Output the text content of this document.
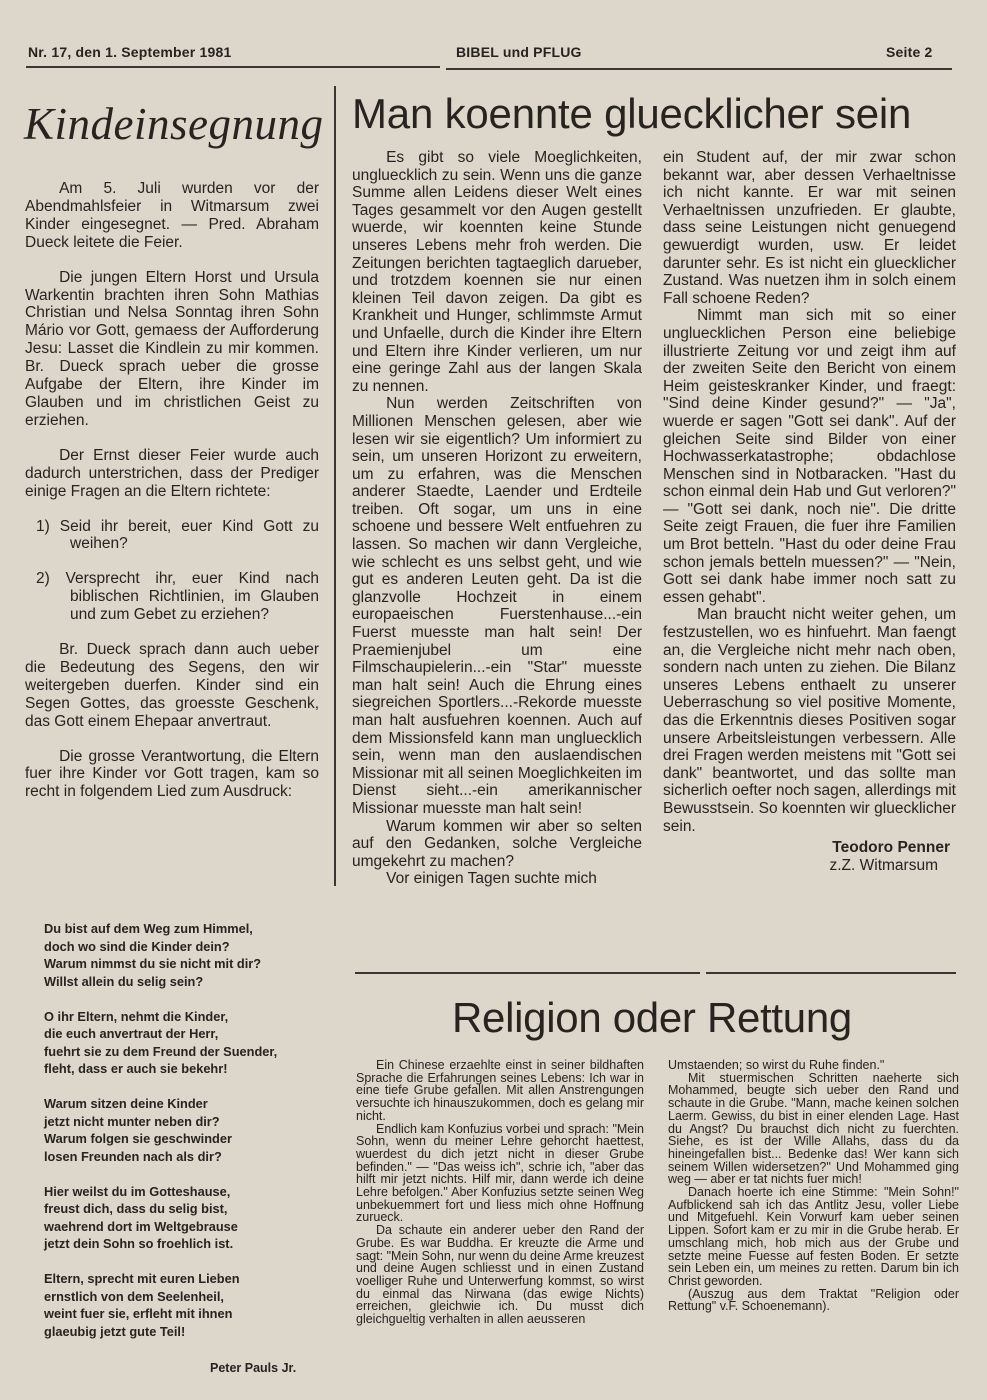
Nr. 17, den 1. September 1981	BIBEL und PFLUG	Seite 2
Kindeinsegnung

Am 5. Juli wurden vor der Abendmahlsfeier in Witmarsum zwei Kinder eingesegnet. — Pred. Abraham Dueck leitete die Feier.

Die jungen Eltern Horst und Ursula Warkentin brachten ihren Sohn Mathias Christian und Nelsa Sonntag ihren Sohn Mário vor Gott, gemaess der Aufforderung Jesu: Lasset die Kindlein zu mir kommen. Br. Dueck sprach ueber die grosse Aufgabe der Eltern, ihre Kinder im Glauben und im christlichen Geist zu erziehen.

Der Ernst dieser Feier wurde auch dadurch unterstrichen, dass der Prediger einige Fragen an die Eltern richtete:

1) Seid ihr bereit, euer Kind Gott zu weihen?
2) Versprecht ihr, euer Kind nach biblischen Richtlinien, im Glauben und zum Gebet zu erziehen?

Br. Dueck sprach dann auch ueber die Bedeutung des Segens, den wir weitergeben duerfen. Kinder sind ein Segen Gottes, das groesste Geschenk, das Gott einem Ehepaar anvertraut.

Die grosse Verantwortung, die Eltern fuer ihre Kinder vor Gott tragen, kam so recht in folgendem Lied zum Ausdruck:

Du bist auf dem Weg zum Himmel,
doch wo sind die Kinder dein?
Warum nimmst du sie nicht mit dir?
Willst allein du selig sein?
O ihr Eltern, nehmt die Kinder,
die euch anvertraut der Herr,
fuehrt sie zu dem Freund der Suender,
fleht, dass er auch sie bekehr!
Warum sitzen deine Kinder
jetzt nicht munter neben dir?
Warum folgen sie geschwinder
losen Freunden nach als dir?
Hier weilst du im Gotteshause,
freust dich, dass du selig bist,
waehrend dort im Weltgebrause
jetzt dein Sohn so froehlich ist.
Eltern, sprecht mit euren Lieben
ernstlich von dem Seelenheil,
weint fuer sie, erfleht mit ihnen
glaeubig jetzt gute Teil!
Peter Pauls Jr.
Man koennte gluecklicher sein

Es gibt so viele Moeglichkeiten, ungluecklich zu sein. Wenn uns die ganze Summe allen Leidens dieser Welt eines Tages gesammelt vor den Augen gestellt wuerde, wir koennten keine Stunde unseres Lebens mehr froh werden. Die Zeitungen berichten tagtaeglich darueber, und trotzdem koennen sie nur einen kleinen Teil davon zeigen. Da gibt es Krankheit und Hunger, schlimmste Armut und Unfaelle, durch die Kinder ihre Eltern und Eltern ihre Kinder verlieren, um nur eine geringe Zahl aus der langen Skala zu nennen.

Nun werden Zeitschriften von Millionen Menschen gelesen, aber wie lesen wir sie eigentlich? Um informiert zu sein, um unseren Horizont zu erweitern, um zu erfahren, was die Menschen anderer Staedte, Laender und Erdteile treiben. Oft sogar, um uns in eine schoene und bessere Welt entfuehren zu lassen. So machen wir dann Vergleiche, wie schlecht es uns selbst geht, und wie gut es anderen Leuten geht. Da ist die glanzvolle Hochzeit in einem europaeischen Fuerstenhause...-ein Fuerst muesste man halt sein! Der Praemienjubel um eine Filmschaupielerin...-ein "Star" muesste man halt sein! Auch die Ehrung eines siegreichen Sportlers...-Rekorde muesste man halt ausfuehren koennen. Auch auf dem Missionsfeld kann man ungluecklich sein, wenn man den auslaendischen Missionar mit all seinen Moeglichkeiten im Dienst sieht...-ein amerikannischer Missionar muesste man halt sein!

Warum kommen wir aber so selten auf den Gedanken, solche Vergleiche umgekehrt zu machen?

Vor einigen Tagen suchte mich

ein Student auf, der mir zwar schon bekannt war, aber dessen Verhaeltnisse ich nicht kannte. Er war mit seinen Verhaeltnissen unzufrieden. Er glaubte, dass seine Leistungen nicht genuegend gewuerdigt wurden, usw. Er leidet darunter sehr. Es ist nicht ein gluecklicher Zustand. Was nuetzen ihm in solch einem Fall schoene Reden?

Nimmt man sich mit so einer ungluecklichen Person eine beliebige illustrierte Zeitung vor und zeigt ihm auf der zweiten Seite den Bericht von einem Heim geisteskranker Kinder, und fraegt: "Sind deine Kinder gesund?" — "Ja", wuerde er sagen "Gott sei dank". Auf der gleichen Seite sind Bilder von einer Hochwasserkatastrophe; obdachlose Menschen sind in Notbaracken. "Hast du schon einmal dein Hab und Gut verloren?" — "Gott sei dank, noch nie". Die dritte Seite zeigt Frauen, die fuer ihre Familien um Brot betteln. "Hast du oder deine Frau schon jemals betteln muessen?" — "Nein, Gott sei dank habe immer noch satt zu essen gehabt".

Man braucht nicht weiter gehen, um festzustellen, wo es hinfuehrt. Man faengt an, die Vergleiche nicht mehr nach oben, sondern nach unten zu ziehen. Die Bilanz unseres Lebens enthaelt zu unserer Ueberraschung so viel positive Momente, das die Erkenntnis dieses Positiven sogar unsere Arbeitsleistungen verbessern. Alle drei Fragen werden meistens mit "Gott sei dank" beantwortet, und das sollte man sicherlich oefter noch sagen, allerdings mit Bewusstsein. So koennten wir gluecklicher sein.

Teodoro Penner
z.Z. Witmarsum
Religion oder Rettung

Ein Chinese erzaehlte einst in seiner bildhaften Sprache die Erfahrungen seines Lebens: Ich war in eine tiefe Grube gefallen. Mit allen Anstrengungen versuchte ich hinauszukommen, doch es gelang mir nicht.

Endlich kam Konfuzius vorbei und sprach: "Mein Sohn, wenn du meiner Lehre gehorcht haettest, wuerdest du dich jetzt nicht in dieser Grube befinden." — "Das weiss ich", schrie ich, "aber das hilft mir jetzt nichts. Hilf mir, dann werde ich deine Lehre befolgen." Aber Konfuzius setzte seinen Weg unbekuemmert fort und liess mich ohne Hoffnung zurueck.

Da schaute ein anderer ueber den Rand der Grube. Es war Buddha. Er kreuzte die Arme und sagt: "Mein Sohn, nur wenn du deine Arme kreuzest und deine Augen schliesst und in einen Zustand voelliger Ruhe und Unterwerfung kommst, so wirst du einmal das Nirwana (das ewige Nichts) erreichen, gleichwie ich. Du musst dich gleichgueltig verhalten in allen aeusseren

Umstaenden; so wirst du Ruhe finden."

Mit stuermischen Schritten naeherte sich Mohammed, beugte sich ueber den Rand und schaute in die Grube. "Mann, mache keinen solchen Laerm. Gewiss, du bist in einer elenden Lage. Hast du Angst? Du brauchst dich nicht zu fuerchten. Siehe, es ist der Wille Allahs, dass du da hineingefallen bist... Bedenke das! Wer kann sich seinem Willen widersetzen?" Und Mohammed ging weg — aber er tat nichts fuer mich!

Danach hoerte ich eine Stimme: "Mein Sohn!" Aufblickend sah ich das Antlitz Jesu, voller Liebe und Mitgefuehl. Kein Vorwurf kam ueber seinen Lippen. Sofort kam er zu mir in die Grube herab. Er umschlang mich, hob mich aus der Grube und setzte meine Fuesse auf festen Boden. Er setzte sein Leben ein, um meines zu retten. Darum bin ich Christ geworden.

(Auszug aus dem Traktat "Religion oder Rettung" v.F. Schoenemann).
